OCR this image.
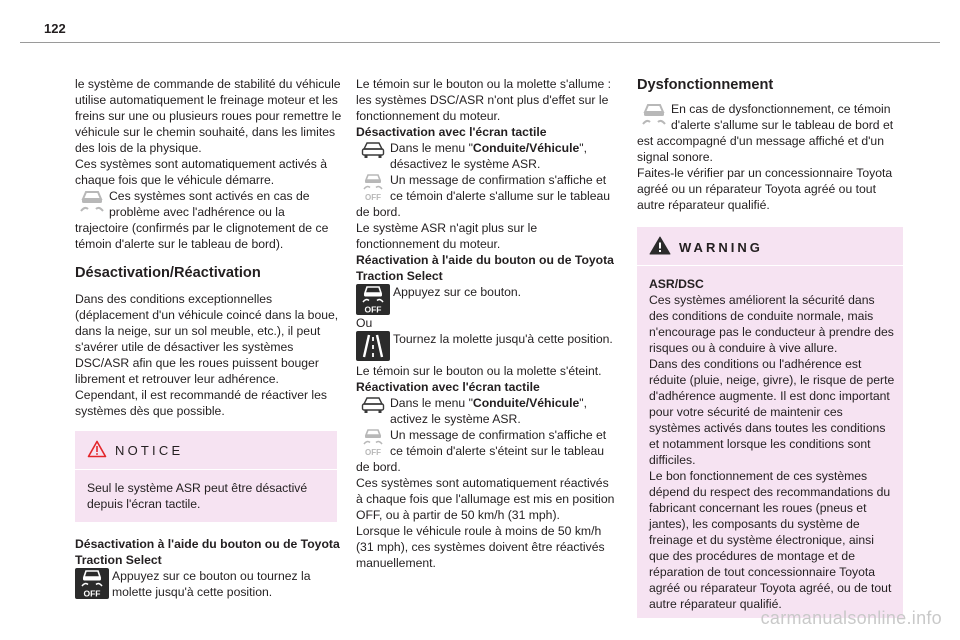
122

le système de commande de stabilité du véhicule utilise automatiquement le freinage moteur et les freins sur une ou plusieurs roues pour remettre le véhicule sur le chemin souhaité, dans les limites des lois de la physique.

Ces systèmes sont automatiquement activés à chaque fois que le véhicule démarre.

Ces systèmes sont activés en cas de problème avec l'adhérence ou la

trajectoire (confirmés par le clignotement de ce témoin d'alerte sur le tableau de bord).

Désactivation/Réactivation

Dans des conditions exceptionnelles (déplacement d'un véhicule coincé dans la boue, dans la neige, sur un sol meuble, etc.), il peut s'avérer utile de désactiver les systèmes DSC/ASR afin que les roues puissent bouger librement et retrouver leur adhérence.

Cependant, il est recommandé de réactiver les systèmes dès que possible.

NOTICE
Seul le système ASR peut être désactivé depuis l'écran tactile.

Désactivation à l'aide du bouton ou de Toyota Traction Select

OFF
Appuyez sur ce bouton ou tournez la molette jusqu'à cette position.

Le témoin sur le bouton ou la molette s'allume : les systèmes DSC/ASR n'ont plus d'effet sur le fonctionnement du moteur.

Désactivation avec l'écran tactile

Dans le menu "Conduite/Véhicule", désactivez le système ASR.
OFF
Un message de confirmation s'affiche et ce témoin d'alerte s'allume sur le tableau

de bord.

Le système ASR n'agit plus sur le fonctionnement du moteur.

Réactivation à l'aide du bouton ou de Toyota Traction Select

OFF
Appuyez sur ce bouton.

Ou

Tournez la molette jusqu'à cette position.

Le témoin sur le bouton ou la molette s'éteint.

Réactivation avec l'écran tactile

Dans le menu "Conduite/Véhicule", activez le système ASR.
OFF
Un message de confirmation s'affiche et ce témoin d'alerte s'éteint sur le tableau

de bord.

Ces systèmes sont automatiquement réactivés à chaque fois que l'allumage est mis en position OFF, ou à partir de 50 km/h (31 mph).

Lorsque le véhicule roule à moins de 50 km/h (31 mph), ces systèmes doivent être réactivés manuellement.

Dysfonctionnement
En cas de dysfonctionnement, ce témoin d'alerte s'allume sur le tableau de bord et

est accompagné d'un message affiché et d'un signal sonore.

Faites-le vérifier par un concessionnaire Toyota agréé ou un réparateur Toyota agréé ou tout autre réparateur qualifié.

WARNING

ASR/DSC

Ces systèmes améliorent la sécurité dans des conditions de conduite normale, mais n'encourage pas le conducteur à prendre des risques ou à conduire à vive allure.

Dans des conditions ou l'adhérence est réduite (pluie, neige, givre), le risque de perte d'adhérence augmente. Il est donc important pour votre sécurité de maintenir ces systèmes activés dans toutes les conditions et notamment lorsque les conditions sont difficiles.

Le bon fonctionnement de ces systèmes dépend du respect des recommandations du fabricant concernant les roues (pneus et jantes), les composants du système de freinage et du système électronique, ainsi que des procédures de montage et de réparation de tout concessionnaire Toyota agréé ou réparateur Toyota agréé, ou de tout autre réparateur qualifié.

carmanualsonline.info
